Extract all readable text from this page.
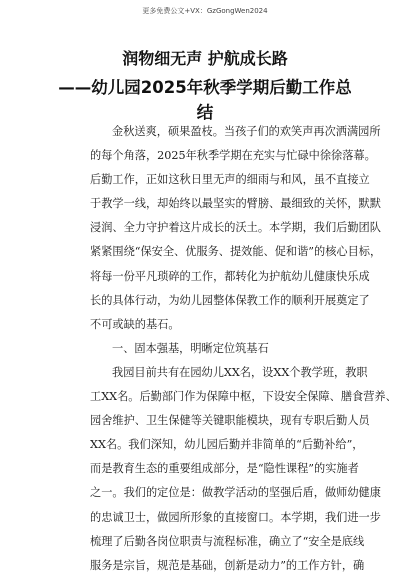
更多免费公文+VX：GzGongWen2024
润物细无声 护航成长路
——幼儿园2025年秋季学期后勤工作总
结
金秋送爽，硕果盈枝。当孩子们的欢笑声再次洒满园所
的每个角落，2025年秋季学期在充实与忙碌中徐徐落幕。
后勤工作，正如这秋日里无声的细雨与和风，虽不直接立
于教学一线，却始终以最坚实的臂膀、最细致的关怀，默默
浸润、全力守护着这片成长的沃土。本学期，我们后勤团队
紧紧围绕“保安全、优服务、提效能、促和谐”的核心目标，
将每一份平凡琐碎的工作，都转化为护航幼儿健康快乐成
长的具体行动，为幼儿园整体保教工作的顺利开展奠定了
不可或缺的基石。
一、固本强基，明晰定位筑基石
我园目前共有在园幼儿XX名，设XX个教学班，教职
工XX名。后勤部门作为保障中枢，下设安全保障、膳食营养、
园舍维护、卫生保健等关键职能模块，现有专职后勤人员
XX名。我们深知，幼儿园后勤并非简单的“后勤补给”，
而是教育生态的重要组成部分，是“隐性课程”的实施者
之一。我们的定位是：做教学活动的坚强后盾，做师幼健康
的忠诚卫士，做园所形象的直接窗口。本学期，我们进一步
梳理了后勤各岗位职责与流程标准，确立了“安全是底线
服务是宗旨，规范是基础，创新是动力”的工作方针，确
